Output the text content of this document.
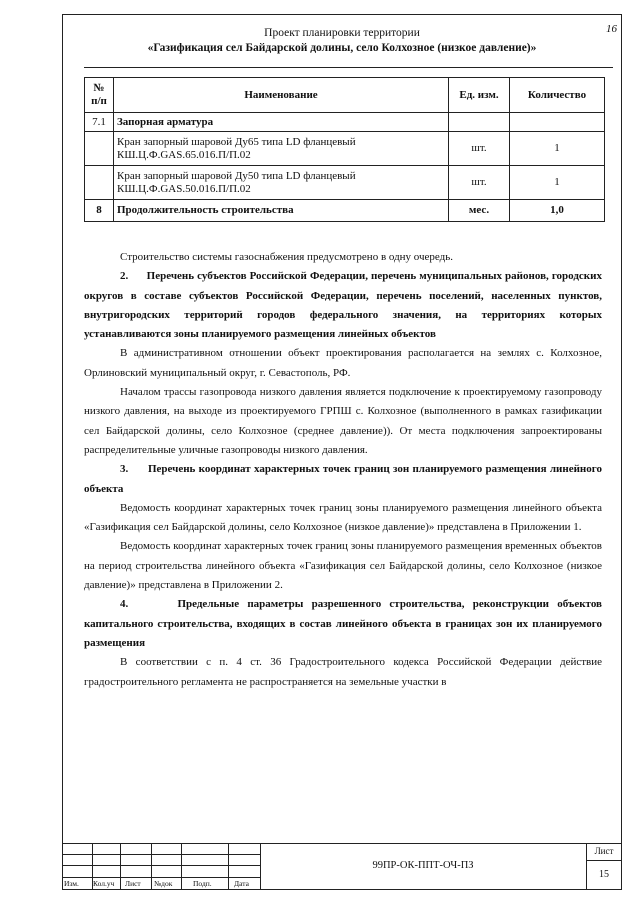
16
Проект планировки территории
«Газификация сел Байдарской долины, село Колхозное (низкое давление)»
№ п/п	Наименование	Ед. изм.	Количество
7.1	Запорная арматура		
	Кран запорный шаровой Ду65 типа LD фланцевый КШ.Ц.Ф.GAS.65.016.П/П.02	шт.	1
	Кран запорный шаровой Ду50 типа LD фланцевый КШ.Ц.Ф.GAS.50.016.П/П.02	шт.	1
8	Продолжительность строительства	мес.	1,0

Строительство системы газоснабжения предусмотрено в одну очередь.

2.      Перечень субъектов Российской Федерации, перечень муниципальных районов, городских округов в составе субъектов Российской Федерации, перечень поселений, населенных пунктов, внутригородских территорий городов федерального значения, на территориях которых устанавливаются зоны планируемого размещения линейных объектов

В административном отношении объект проектирования располагается на землях с. Колхозное, Орлиновский муниципальный округ, г. Севастополь, РФ.

Началом трассы газопровода низкого давления является подключение к проектируемому газопроводу низкого давления, на выходе из проектируемого ГРПШ с. Колхозное (выполненного в рамках газификации сел Байдарской долины, село Колхозное (среднее давление)). От места подключения запроектированы распределительные уличные газопроводы низкого давления.

3.      Перечень координат характерных точек границ зон планируемого размещения линейного объекта

Ведомость координат характерных точек границ зоны планируемого размещения линейного объекта «Газификация сел Байдарской долины, село Колхозное (низкое давление)» представлена в Приложении 1.

Ведомость координат характерных точек границ зоны планируемого размещения временных объектов на период строительства линейного объекта «Газификация сел Байдарской долины, село Колхозное (низкое давление)» представлена в Приложении 2.

4.      Предельные параметры разрешенного строительства, реконструкции объектов капитального строительства, входящих в состав линейного объекта в границах зон их планируемого размещения

В соответствии с п. 4 ст. 36 Градостроительного кодекса Российской Федерации действие градостроительного регламента не распространяется на земельные участки в

Изм. Кол.уч Лист №док	Подп.	Дата
99ПР-ОК-ППТ-ОЧ-ПЗ
Лист
15
